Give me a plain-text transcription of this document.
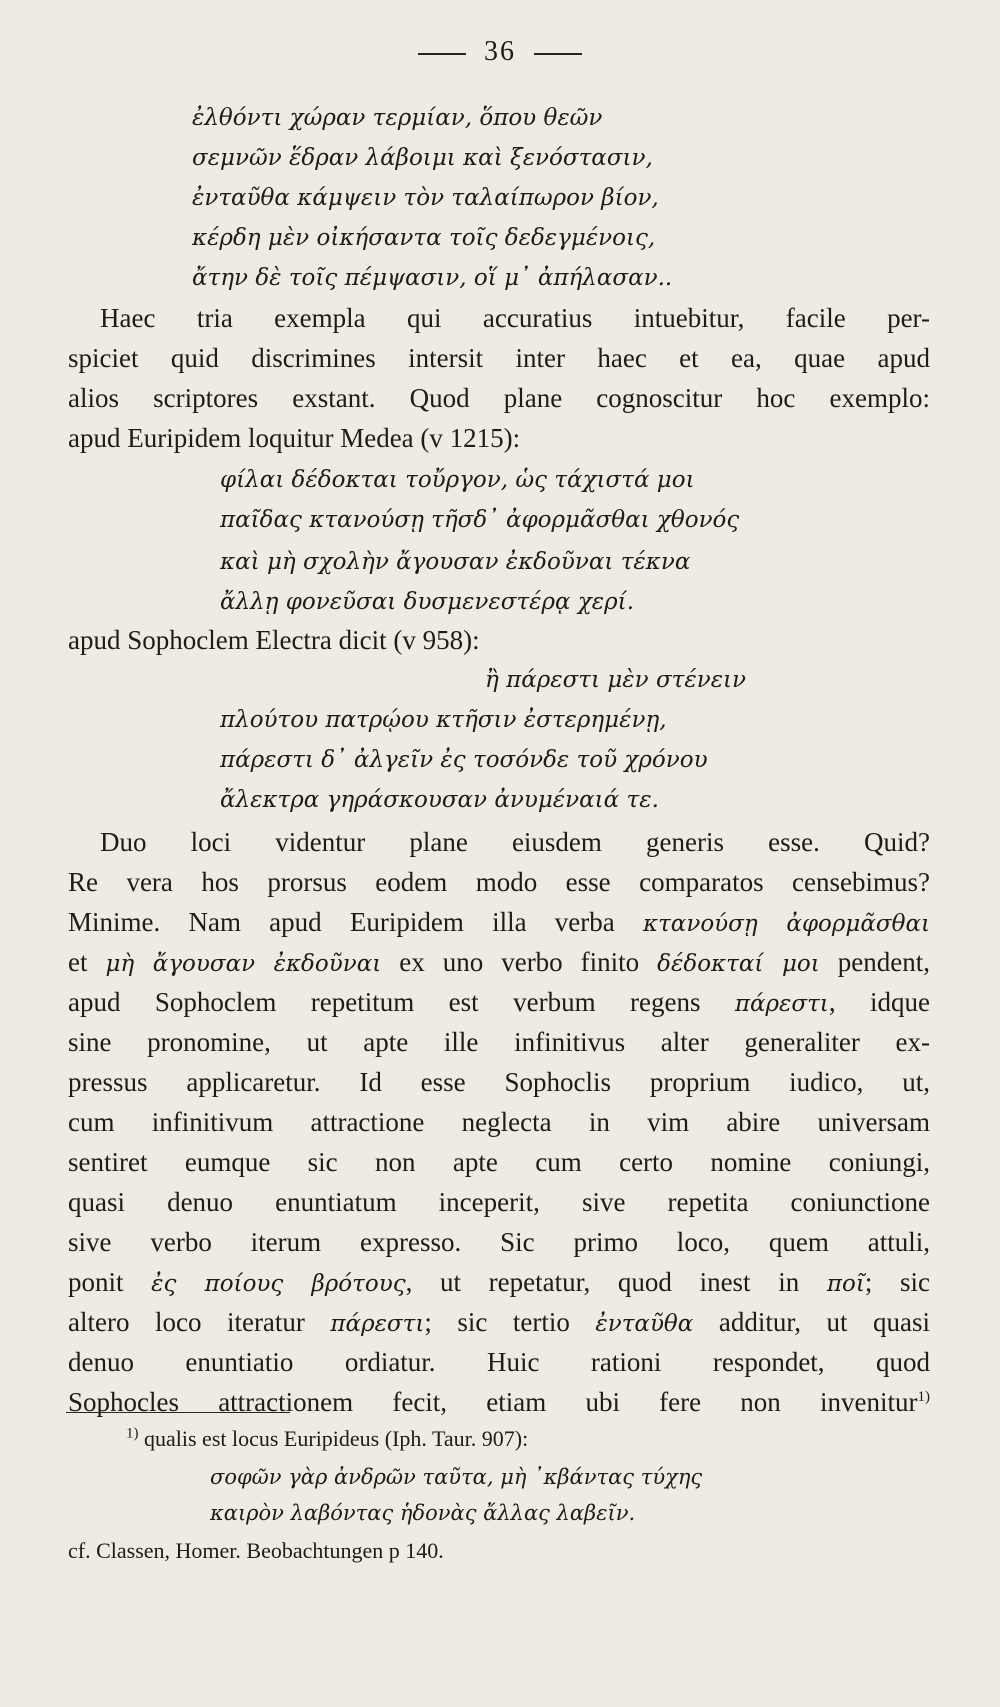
36
ἐλθόντι χώραν τερμίαν, ὅπου θεῶν
σεμνῶν ἕδραν λάβοιμι καὶ ξενόστασιν,
ἐνταῦθα κάμψειν τὸν ταλαίπωρον βίον,
κέρδη μὲν οἰκήσαντα τοῖς δεδεγμένοις,
ἄτην δὲ τοῖς πέμψασιν, οἵ μ᾽ ἀπήλασαν..
Haec tria exempla qui accuratius intuebitur, facile per-
spiciet quid discrimines intersit inter haec et ea, quae apud
alios scriptores exstant. Quod plane cognoscitur hoc exemplo:
apud Euripidem loquitur Medea (v 1215):
φίλαι δέδοκται τοὔργον, ὡς τάχιστά μοι
παῖδας κτανούσῃ τῆσδ᾽ ἀφορμᾶσθαι χθονός
καὶ μὴ σχολὴν ἄγουσαν ἐκδοῦναι τέκνα
ἄλλῃ φονεῦσαι δυσμενεστέρᾳ χερί.
apud Sophoclem Electra dicit (v 958):
ἢ πάρεστι μὲν στένειν
πλούτου πατρῴου κτῆσιν ἐστερημένῃ,
πάρεστι δ᾽ ἀλγεῖν ἐς τοσόνδε τοῦ χρόνου
ἄλεκτρα γηράσκουσαν ἀνυμέναιά τε.
Duo loci videntur plane eiusdem generis esse. Quid?
Re vera hos prorsus eodem modo esse comparatos censebimus?
Minime. Nam apud Euripidem illa verba κτανούσῃ ἀφορμᾶσθαι
et μὴ ἄγουσαν ἐκδοῦναι ex uno verbo finito δέδοκταί μοι pendent,
apud Sophoclem repetitum est verbum regens πάρεστι, idque
sine pronomine, ut apte ille infinitivus alter generaliter ex-
pressus applicaretur. Id esse Sophoclis proprium iudico, ut,
cum infinitivum attractione neglecta in vim abire universam
sentiret eumque sic non apte cum certo nomine coniungi,
quasi denuo enuntiatum inceperit, sive repetita coniunctione
sive verbo iterum expresso. Sic primo loco, quem attuli,
ponit ἐς ποίους βρότους, ut repetatur, quod inest in ποῖ; sic
altero loco iteratur πάρεστι; sic tertio ἐνταῦθα additur, ut quasi
denuo enuntiatio ordiatur. Huic rationi respondet, quod
Sophocles attractionem fecit, etiam ubi fere non invenitur$^{1)}$
$^{1)}$ qualis est locus Euripideus (Iph. Taur. 907):
σοφῶν γὰρ ἀνδρῶν ταῦτα, μὴ ᾽κβάντας τύχης
καιρὸν λαβόντας ἡδονὰς ἄλλας λαβεῖν.
cf. Classen, Homer. Beobachtungen p 140.
